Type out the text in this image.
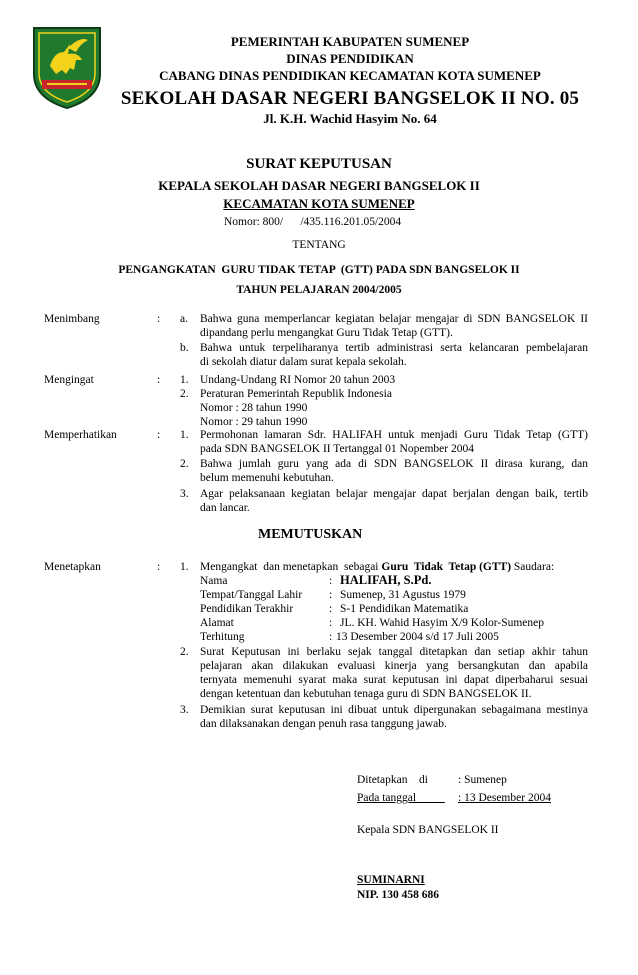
PEMERINTAH KABUPATEN SUMENEP
DINAS PENDIDIKAN
CABANG DINAS PENDIDIKAN KECAMATAN KOTA SUMENEP
SEKOLAH DASAR NEGERI BANGSELOK II NO. 05
Jl. K.H. Wachid Hasyim No. 64
SURAT KEPUTUSAN
KEPALA SEKOLAH DASAR NEGERI BANGSELOK II
KECAMATAN KOTA SUMENEP
Nomor: 800/      /435.116.201.05/2004
TENTANG
PENGANGKATAN  GURU TIDAK TETAP  (GTT) PADA SDN BANGSELOK II
TAHUN PELAJARAN 2004/2005
Menimbang	: a. Bahwa guna memperlancar kegiatan belajar mengajar di SDN BANGSELOK II
dipandang perlu mengangkat Guru Tidak Tetap (GTT).
b. Bahwa untuk terpeliharanya tertib administrasi serta kelancaran pembelajaran
di sekolah diatur dalam surat kepala sekolah.
Mengingat	: 1. Undang-Undang RI Nomor 20 tahun 2003
2. Peraturan Pemerintah Republik Indonesia
Nomor : 28 tahun 1990
Nomor : 29 tahun 1990
Memperhatikan	: 1. Permohonan lamaran Sdr. HALIFAH untuk menjadi Guru Tidak Tetap (GTT)
pada SDN BANGSELOK II Tertanggal 01 Nopember 2004
2. Bahwa jumlah guru yang ada di SDN BANGSELOK II dirasa kurang, dan
belum memenuhi kebutuhan.
3. Agar pelaksanaan kegiatan belajar mengajar dapat berjalan dengan baik, tertib
dan lancar.
MEMUTUSKAN
Menetapkan	: 1. Mengangkat  dan menetapkan  sebagai Guru  Tidak  Tetap (GTT) Saudara:
Nama	: HALIFAH, S.Pd.
Tempat/Tanggal Lahir : Sumenep, 31 Agustus 1979
Pendidikan Terakhir	: S-1 Pendidikan Matematika
Alamat	: JL. KH. Wahid Hasyim X/9 Kolor-Sumenep
Terhitung	: 13 Desember 2004 s/d 17 Juli 2005
2. Surat Keputusan ini berlaku sejak tanggal ditetapkan dan setiap akhir tahun
pelajaran akan dilakukan evaluasi kinerja yang bersangkutan dan apabila
ternyata memenuhi syarat maka surat keputusan ini dapat diperbaharui sesuai
dengan ketentuan dan kebutuhan tenaga guru di SDN BANGSELOK II.
3. Demikian surat keputusan ini dibuat untuk dipergunakan sebagaimana mestinya
dan dilaksanakan dengan penuh rasa tanggung jawab.
Ditetapkan    di	: Sumenep
Pada tanggal	: 13 Desember 2004
Kepala SDN BANGSELOK II
SUMINARNI
NIP. 130 458 686
